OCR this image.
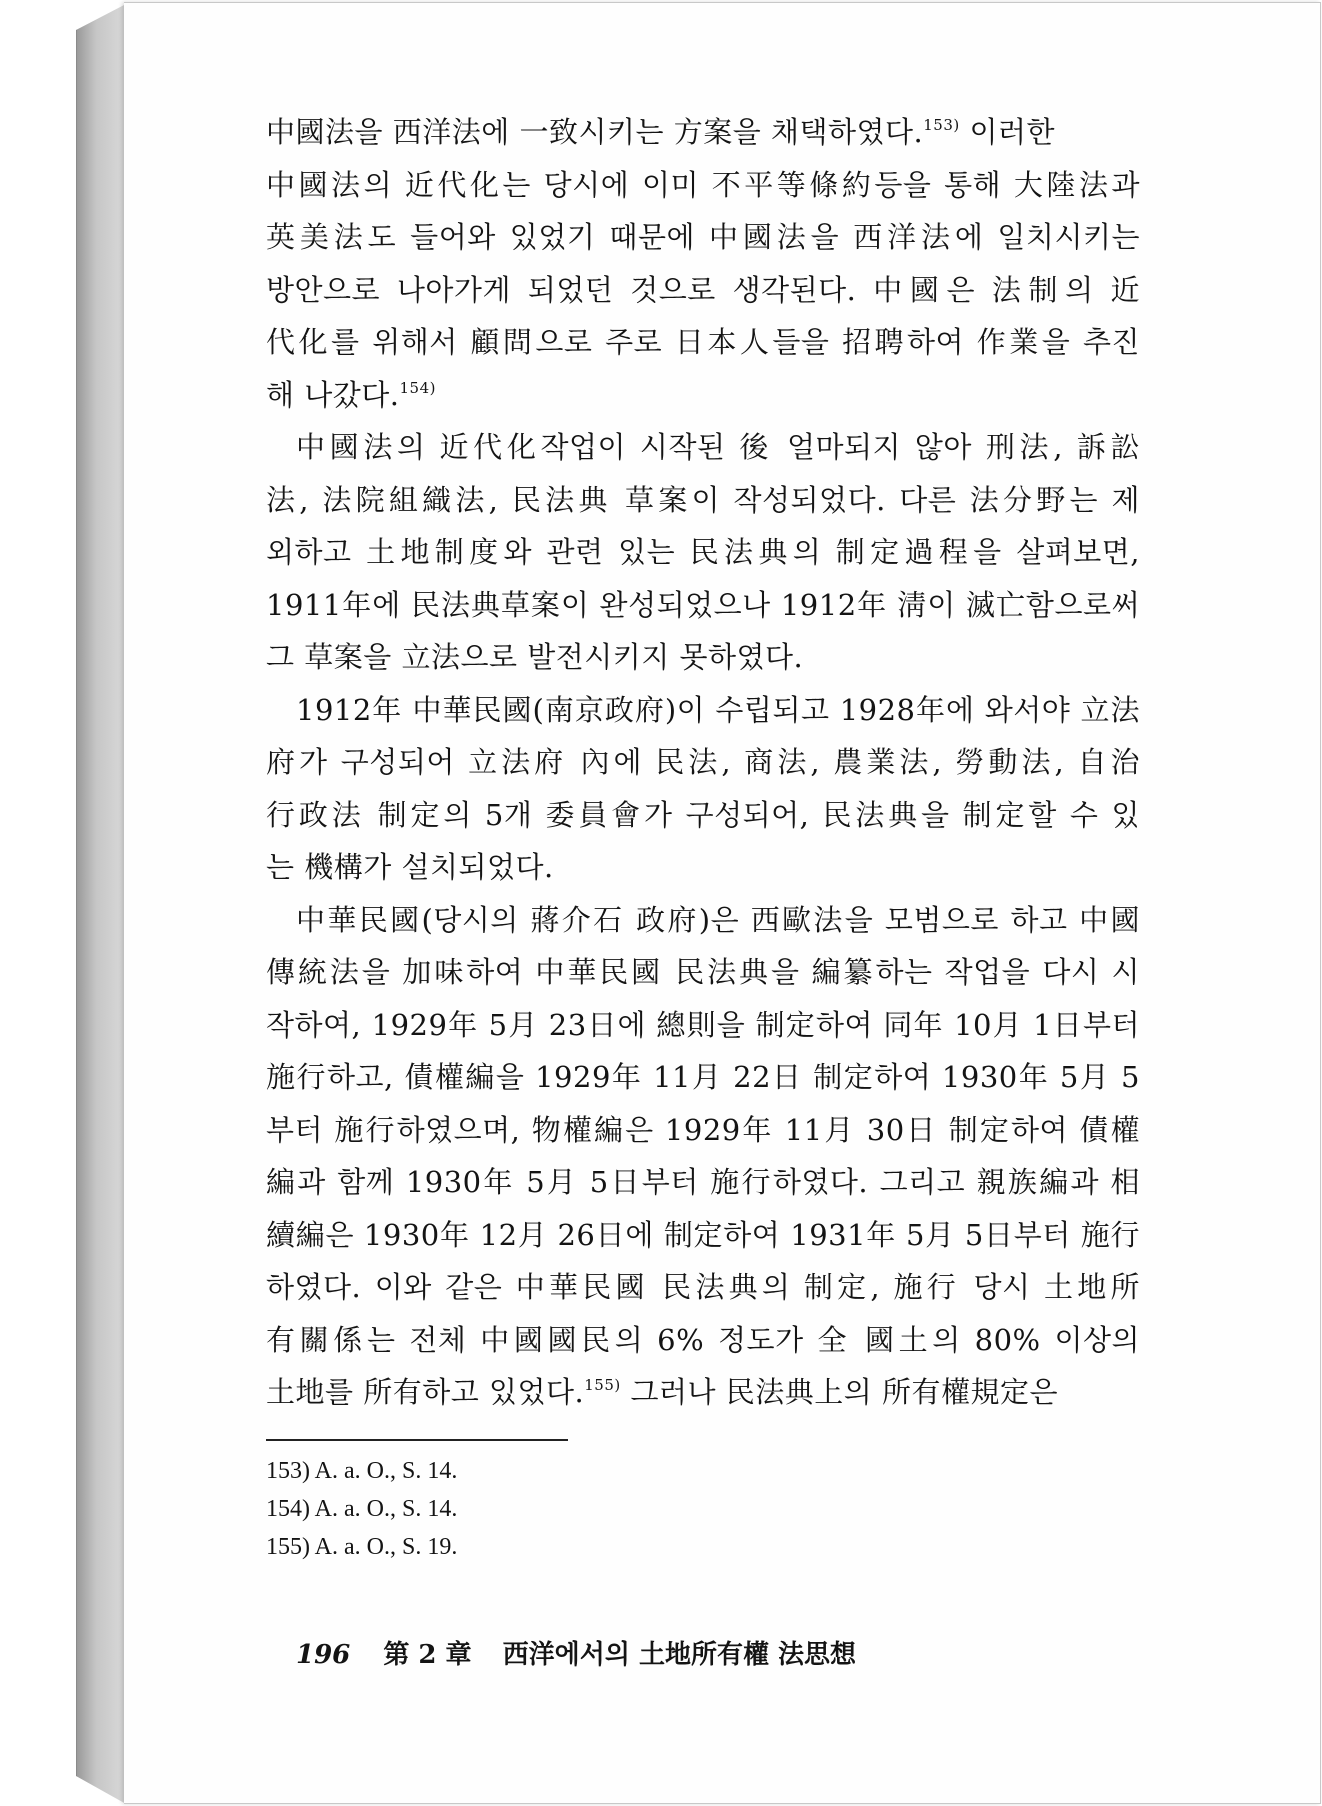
中國法을 西洋法에 一致시키는 方案을 채택하였다.$^{153)}$ 이러한
中國法의 近代化는 당시에 이미 不平等條約등을 통해 大陸法과
英美法도 들어와 있었기 때문에 中國法을 西洋法에 일치시키는
방안으로 나아가게 되었던 것으로 생각된다. 中國은 法制의 近
代化를 위해서 顧問으로 주로 日本人들을 招聘하여 作業을 추진
해 나갔다.$^{154)}$
中國法의 近代化작업이 시작된 後 얼마되지 않아 刑法, 訴訟
法, 法院組織法, 民法典 草案이 작성되었다. 다른 法分野는 제
외하고 土地制度와 관련 있는 民法典의 制定過程을 살펴보면,
1911年에 民法典草案이 완성되었으나 1912年 淸이 滅亡함으로써
그 草案을 立法으로 발전시키지 못하였다.
1912年 中華民國(南京政府)이 수립되고 1928年에 와서야 立法
府가 구성되어 立法府 內에 民法, 商法, 農業法, 勞動法, 自治
行政法 制定의 5개 委員會가 구성되어, 民法典을 制定할 수 있
는 機構가 설치되었다.
中華民國(당시의 蔣介石 政府)은 西歐法을 모범으로 하고 中國
傳統法을 加味하여 中華民國 民法典을 編纂하는 작업을 다시 시
작하여, 1929年 5月 23日에 總則을 制定하여 同年 10月 1日부터
施行하고, 債權編을 1929年 11月 22日 制定하여 1930年 5月 5
부터 施行하였으며, 物權編은 1929年 11月 30日 制定하여 債權
編과 함께 1930年 5月 5日부터 施行하였다. 그리고 親族編과 相
續編은 1930年 12月 26日에 制定하여 1931年 5月 5日부터 施行
하였다. 이와 같은 中華民國 民法典의 制定, 施行 당시 土地所
有關係는 전체 中國國民의 6% 정도가 全 國土의 80% 이상의
土地를 所有하고 있었다.$^{155)}$ 그러나 民法典上의 所有權規定은
153) A. a. O., S. 14.
154) A. a. O., S. 14.
155) A. a. O., S. 19.
196 第 2 章 西洋에서의 土地所有權 法思想
